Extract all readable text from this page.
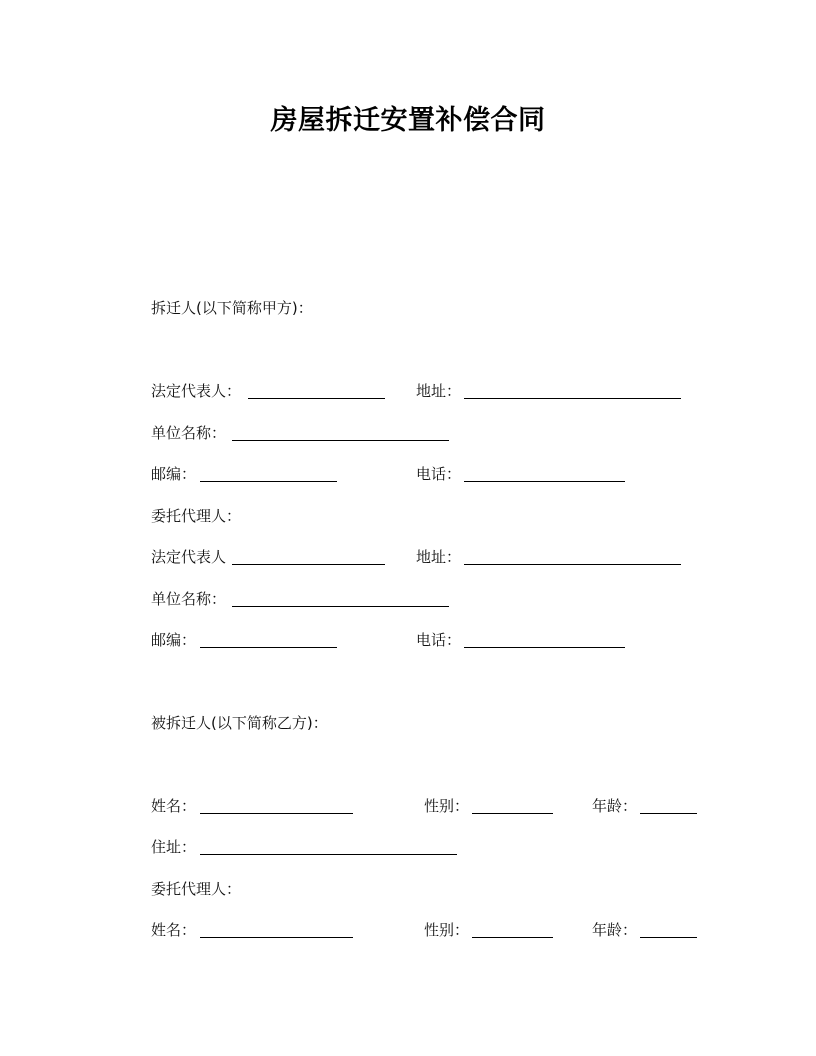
房屋拆迁安置补偿合同
拆迁人(以下简称甲方)：
法定代表人：	地址：
单位名称：
邮编：	电话：
委托代理人：
法定代表人	地址：
单位名称：
邮编：	电话：
被拆迁人(以下简称乙方)：
姓名：	性别：	年龄：
住址：
委托代理人：
姓名：	性别：	年龄：
